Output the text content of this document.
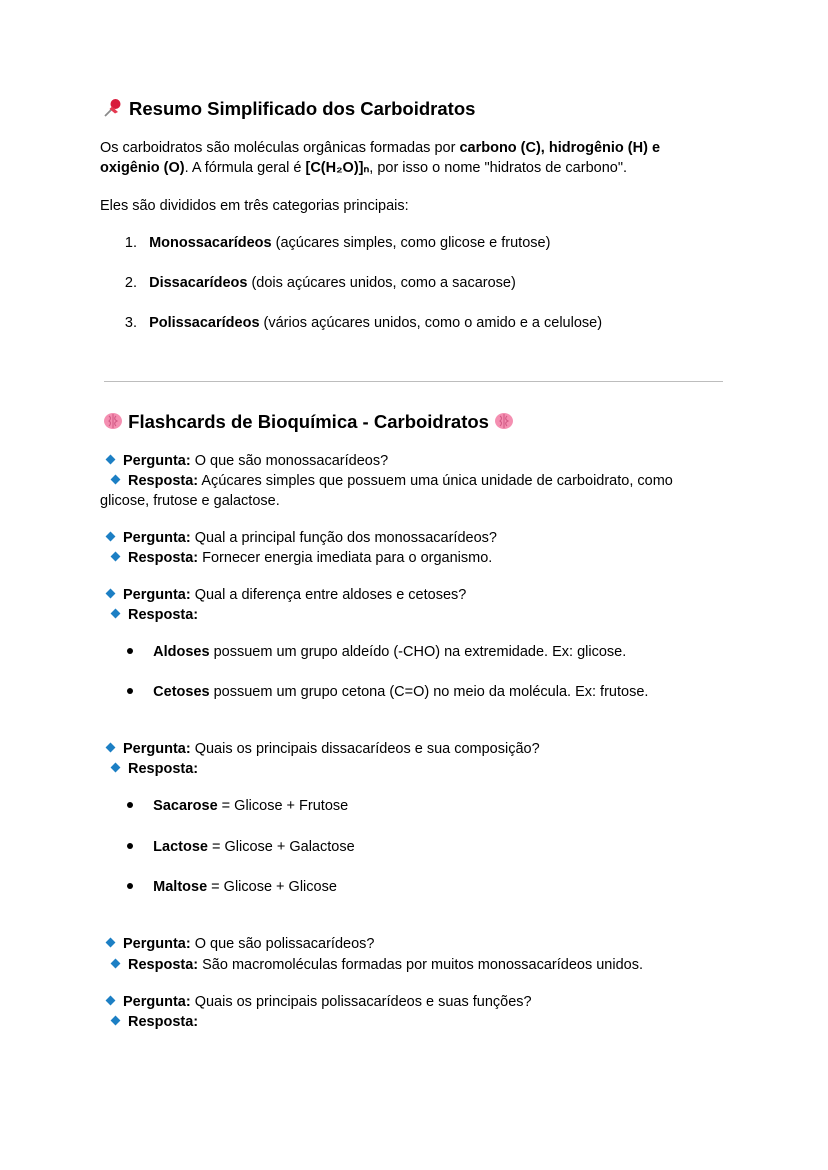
Resumo Simplificado dos Carboidratos
Os carboidratos são moléculas orgânicas formadas por carbono (C), hidrogênio (H) e
oxigênio (O). A fórmula geral é [C(H₂O)]ₙ, por isso o nome "hidratos de carbono".
Eles são divididos em três categorias principais:
1. Monossacarídeos (açúcares simples, como glicose e frutose)
2. Dissacarídeos (dois açúcares unidos, como a sacarose)
3. Polissacarídeos (vários açúcares unidos, como o amido e a celulose)
Flashcards de Bioquímica - Carboidratos
Pergunta: O que são monossacarídeos?
Resposta: Açúcares simples que possuem uma única unidade de carboidrato, como
glicose, frutose e galactose.
Pergunta: Qual a principal função dos monossacarídeos?
Resposta: Fornecer energia imediata para o organismo.
Pergunta: Qual a diferença entre aldoses e cetoses?
Resposta:
Aldoses possuem um grupo aldeído (-CHO) na extremidade. Ex: glicose.
Cetoses possuem um grupo cetona (C=O) no meio da molécula. Ex: frutose.
Pergunta: Quais os principais dissacarídeos e sua composição?
Resposta:
Sacarose = Glicose + Frutose
Lactose = Glicose + Galactose
Maltose = Glicose + Glicose
Pergunta: O que são polissacarídeos?
Resposta: São macromoléculas formadas por muitos monossacarídeos unidos.
Pergunta: Quais os principais polissacarídeos e suas funções?
Resposta:
